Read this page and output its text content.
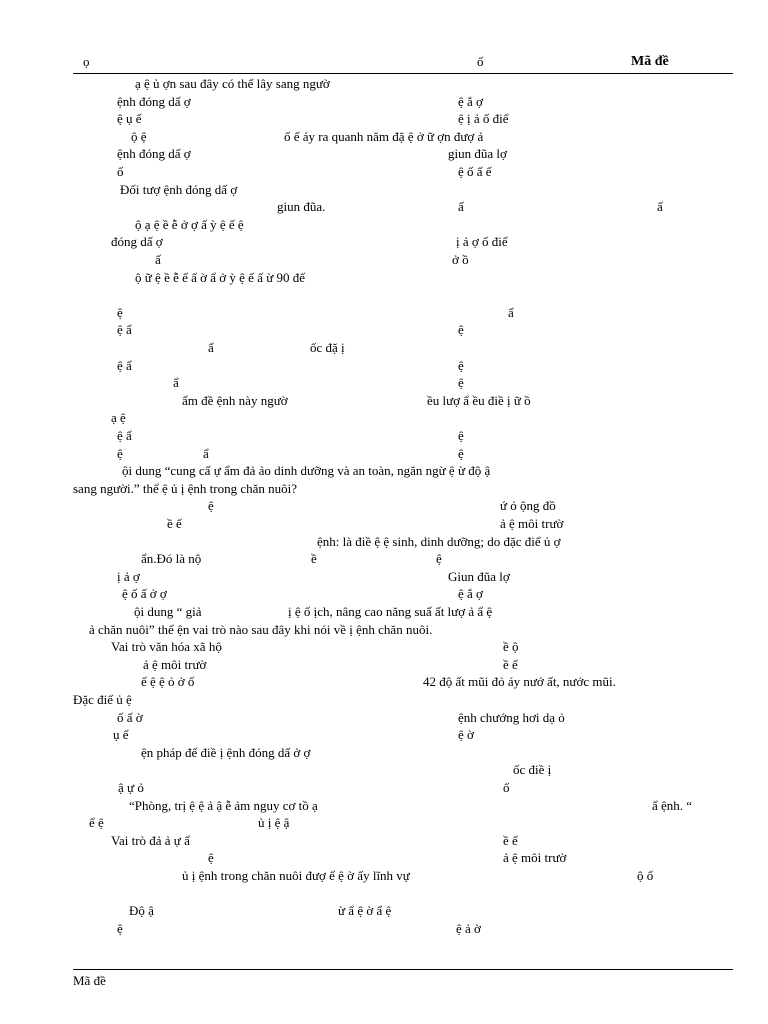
ọ	ố	Mã đề
ạ ệ ủ ợn sau đây có thể lây sang ngườ
ệnh đóng dấ ợ	ệ ắ ợ
ệ ụ ế	ệ ị ả ố điể
ộ ệ	ố ế áy ra quanh năm đặ ệ ở ữ ợn đượ ả
ệnh đóng dấ ợ	giun đũa lợ
ố	ệ ố ấ ế
Đối tượ ệnh đóng dấ ợ
giun đũa.	ấ	ấ
ộ ạ ệ ề ễ ở ợ ấ ỳ ệ ế ệ
đóng dấ ợ	ị ả ợ ố điể
ấ	ở ồ
ộ ữ ệ ề ễ ế ấ ờ ẩ ở ỳ ệ ế ấ ừ 90 đế
ệ	ẩ
ệ ẩ	ệ
ẩ	ốc đặ ị
ệ ẩ	ệ
ẩ	ệ
ẩm đề ệnh này ngườ	ều lượ ẩ ều điề ị ữ ồ
ạ ệ
ệ ẩ	ệ
ệ	ẩ	ệ
ội dung “cung cấ ự ẩm đả ảo dinh dưỡng và an toàn, ngăn ngừ ệ ừ độ ậ
sang người.” thể ệ ủ ị ệnh trong chăn nuôi?
ệ	ứ ỏ ộng đồ
ề ế	ả ệ môi trườ
ệnh: là điề ệ ệ sinh, dinh dưỡng; do đặc điể ủ ợ
ẩn.Đó là nộ	ề	ệ
ị ả ợ	Giun đũa lợ
ệ ố ấ ở ợ	ệ ắ ợ
ội dung “ giả	ị ệ ố ịch, nâng cao năng suấ ất lượ ả ẩ ệ
ả chăn nuôi” thể ện vai trò nào sau đây khi nói về ị ệnh chăn nuôi.
Vai trò văn hóa xã hộ	ề ộ
ả ệ môi trườ	ề ế
ế ệ ệ ỏ ở ố	42 độ ất mũi đỏ áy nướ ất, nước mũi.
Đặc điể ủ ệ
ố ấ ờ	ệnh chướng hơi dạ ỏ
ụ ế	ệ ờ
ện pháp để điề ị ệnh đóng dấ ở ợ
ốc điề ị
ậ ự ỏ	ố
“Phòng, trị ệ ệ ả ậ ễ ảm nguy cơ tồ ạ	ẩ ệnh. “
ể ệ	ủ ị ệ ậ
Vai trò đả ả ự ẩ	ề ế
ệ	ả ệ môi trườ
ủ ị ệnh trong chăn nuôi đượ ể ệ ờ ấy lĩnh vự	ộ ố
Độ ậ	ừ ẩ ệ ờ ẩ ệ
ệ	ệ ả ờ
Mã đề
